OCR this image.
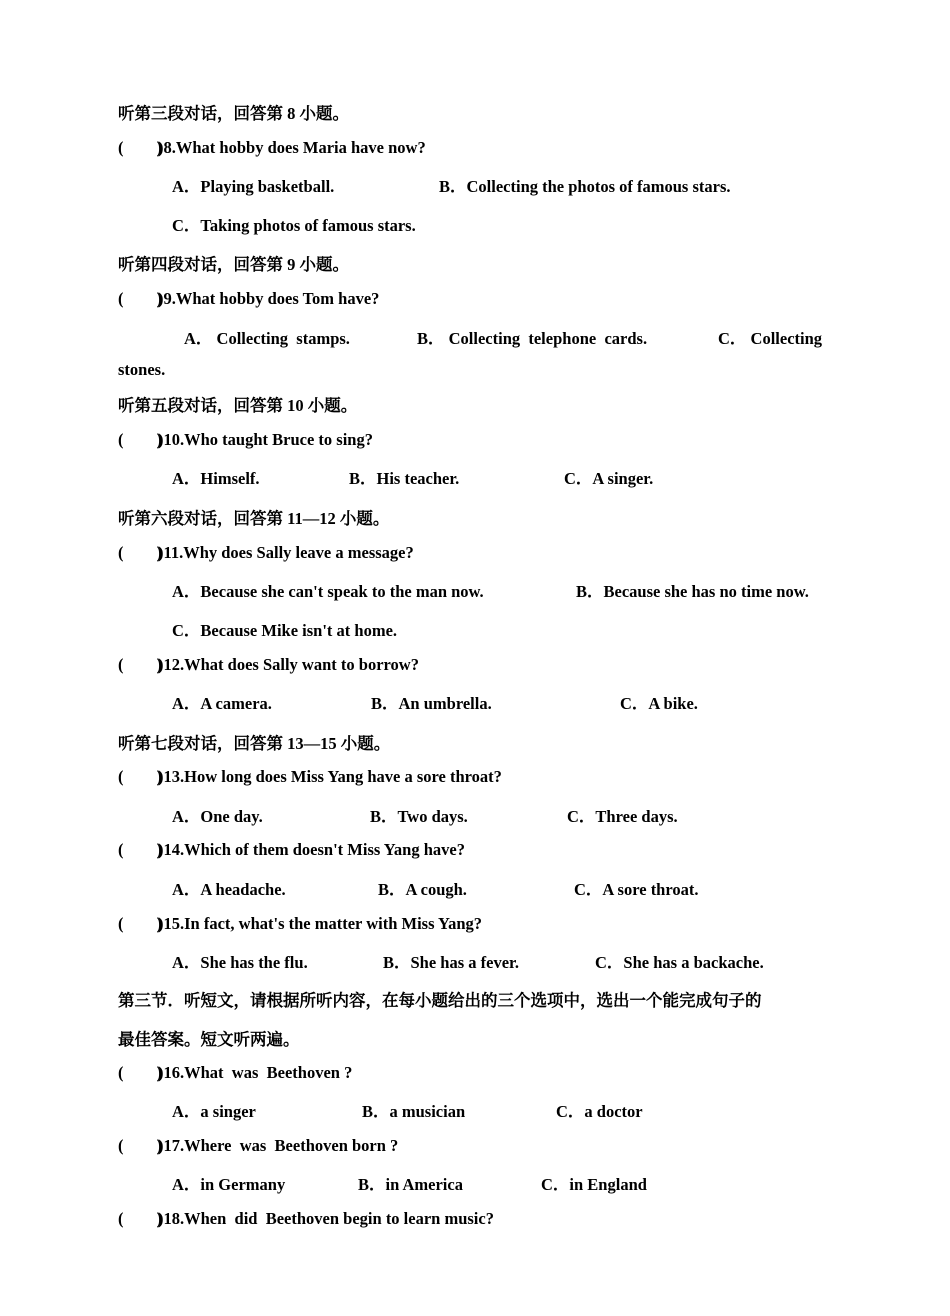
听第三段对话，回答第 8 小题。
(        )
)8.What hobby does Maria have now?
A．Playing basketball.	B．Collecting the photos of famous stars.
C．Taking photos of famous stars.
听第四段对话，回答第 9 小题。
(        )
)9.What hobby does Tom have?
A． Collecting  stamps.	B． Collecting  telephone  cards.	C． Collecting
stones.
听第五段对话，回答第 10 小题。
(        )
)10.Who taught Bruce to sing?
A．Himself.	B．His teacher.	C．A singer.
听第六段对话，回答第 11—12 小题。
(        )
)11.Why does Sally leave a message?
A．Because she can't speak to the man now.	B．Because she has no time now.
C．Because Mike isn't at home.
(        )
)12.What does Sally want to borrow?
A．A camera.	B．An umbrella.	C．A bike.
听第七段对话，回答第 13—15 小题。
(        )
)13.How long does Miss Yang have a sore throat?
A．One day.	B．Two days.	C．Three days.
(        )
)14.Which of them doesn't Miss Yang have?
A．A headache.	B．A cough.	C．A sore throat.
(        )
)15.In fact, what's the matter with Miss Yang?
A．She has the flu.	B．She has a fever.	C．She has a backache.
第三节．听短文，请根据所听内容，在每小题给出的三个选项中，选出一个能完成句子的
最佳答案。短文听两遍。
(        )
)16.What  was  Beethoven ?
A．a singer	B．a musician	C．a doctor
(        )
)17.Where  was  Beethoven born ?
A．in Germany	B．in America	C．in England
(        )
)18.When  did  Beethoven begin to learn music?
